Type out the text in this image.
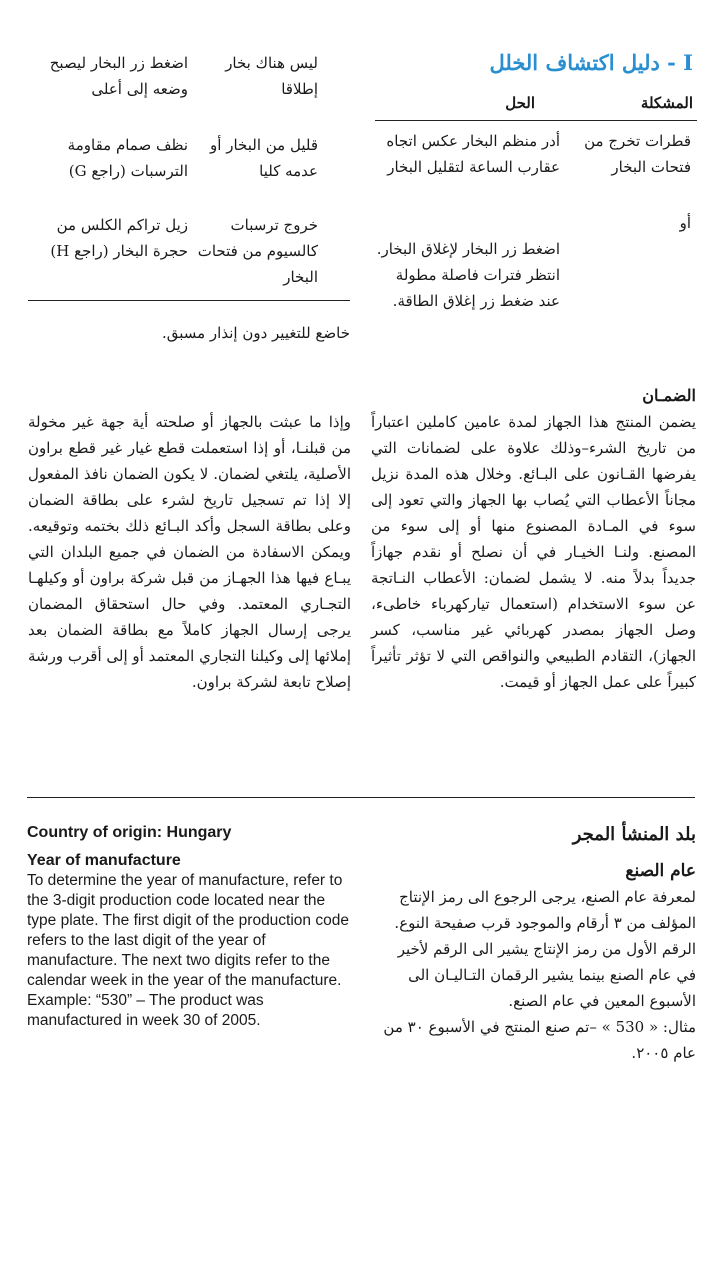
I - دليل اكتشاف الخلل
المشكلة
الحل
قطرات تخرج من فتحات البخار
أدر منظم البخار عكس اتجاه عقارب الساعة لتقليل البخار
أو
اضغط زر البخار لإغلاق البخار. انتظر فترات فاصلة مطولة عند ضغط زر إغلاق الطاقة.
ليس هناك بخار إطلاقا
اضغط زر البخار ليصبح وضعه إلى أعلى
قليل من البخار أو عدمه كليا
نظف صمام مقاومة الترسبات (راجع G)
خروج ترسبات كالسيوم من فتحات البخار
زيل تراكم الكلس من حجرة البخار (راجع H)
خاضع للتغيير دون إنذار مسبق.
الضمـان
يضمن المنتج هذا الجهاز لمدة عامين كاملين اعتباراً من تاريخ الشرء–وذلك علاوة على لضمانات التي يفرضها القـانون على البـائع. وخلال هذه المدة نزيل مجاناً الأعطاب التي يُصاب بها الجهاز والتي تعود إلى سوء في المـادة المصنوع منها أو إلى سوء من المصنع. ولنـا الخيـار في أن نصلح أو نقدم جهازاً جديداً بدلاً منه. لا يشمل لضمان: الأعطاب النـاتجة عن سوء الاستخدام (استعمال تياركهرباء خاطىء، وصل الجهاز بمصدر كهربائي غير مناسب، كسر الجهاز)، التقادم الطبيعي والنواقص التي لا تؤثر تأثيراً كبيراً على عمل الجهاز أو قيمت.
وإذا ما عبثت بالجهاز أو صلحته أية جهة غير مخولة من قبلنـا، أو إذا استعملت قطع غيار غير قطع براون الأصلية، يلتغي لضمان. لا يكون الضمان نافذ المفعول إلا إذا تم تسجيل تاريخ لشرء على بطاقة الضمان وعلى بطاقة السجل وأكد البـائع ذلك بختمه وتوقيعه. ويمكن الاسفادة من الضمان في جميع البلدان التي يبـاع فيها هذا الجهـاز من قبل شركة براون أو وكيلهـا التجـاري المعتمد. وفي حال استحقاق المضمان يرجى إرسال الجهاز كاملاً مع بطاقة الضمان بعد إملائها إلى وكيلنا التجاري المعتمد أو إلى أقرب ورشة إصلاح تابعة لشركة براون.
Country of origin: Hungary
Year of manufacture

To determine the year of manufacture, refer to the 3-digit production code located near the type plate. The first digit of the production code refers to the last digit of the year of manufacture. The next two digits refer to the calendar week in the year of the manufacture.

Example: “530” – The product was manufactured in week 30 of 2005.

بلد المنشأ المجر
عام الصنع

لمعرفة عام الصنع، يرجى الرجوع الى رمز الإنتاج المؤلف من ٣ أرقام والموجود قرب صفيحة النوع. الرقم الأول من رمز الإنتاج يشير الى الرقم لأخير في عام الصنع بينما يشير الرقمان التـاليـان الى الأسبوع المعين في عام الصنع.

مثال: « 530 » –تم صنع المنتج في الأسبوع ٣٠ من عام ٢٠٠٥.
